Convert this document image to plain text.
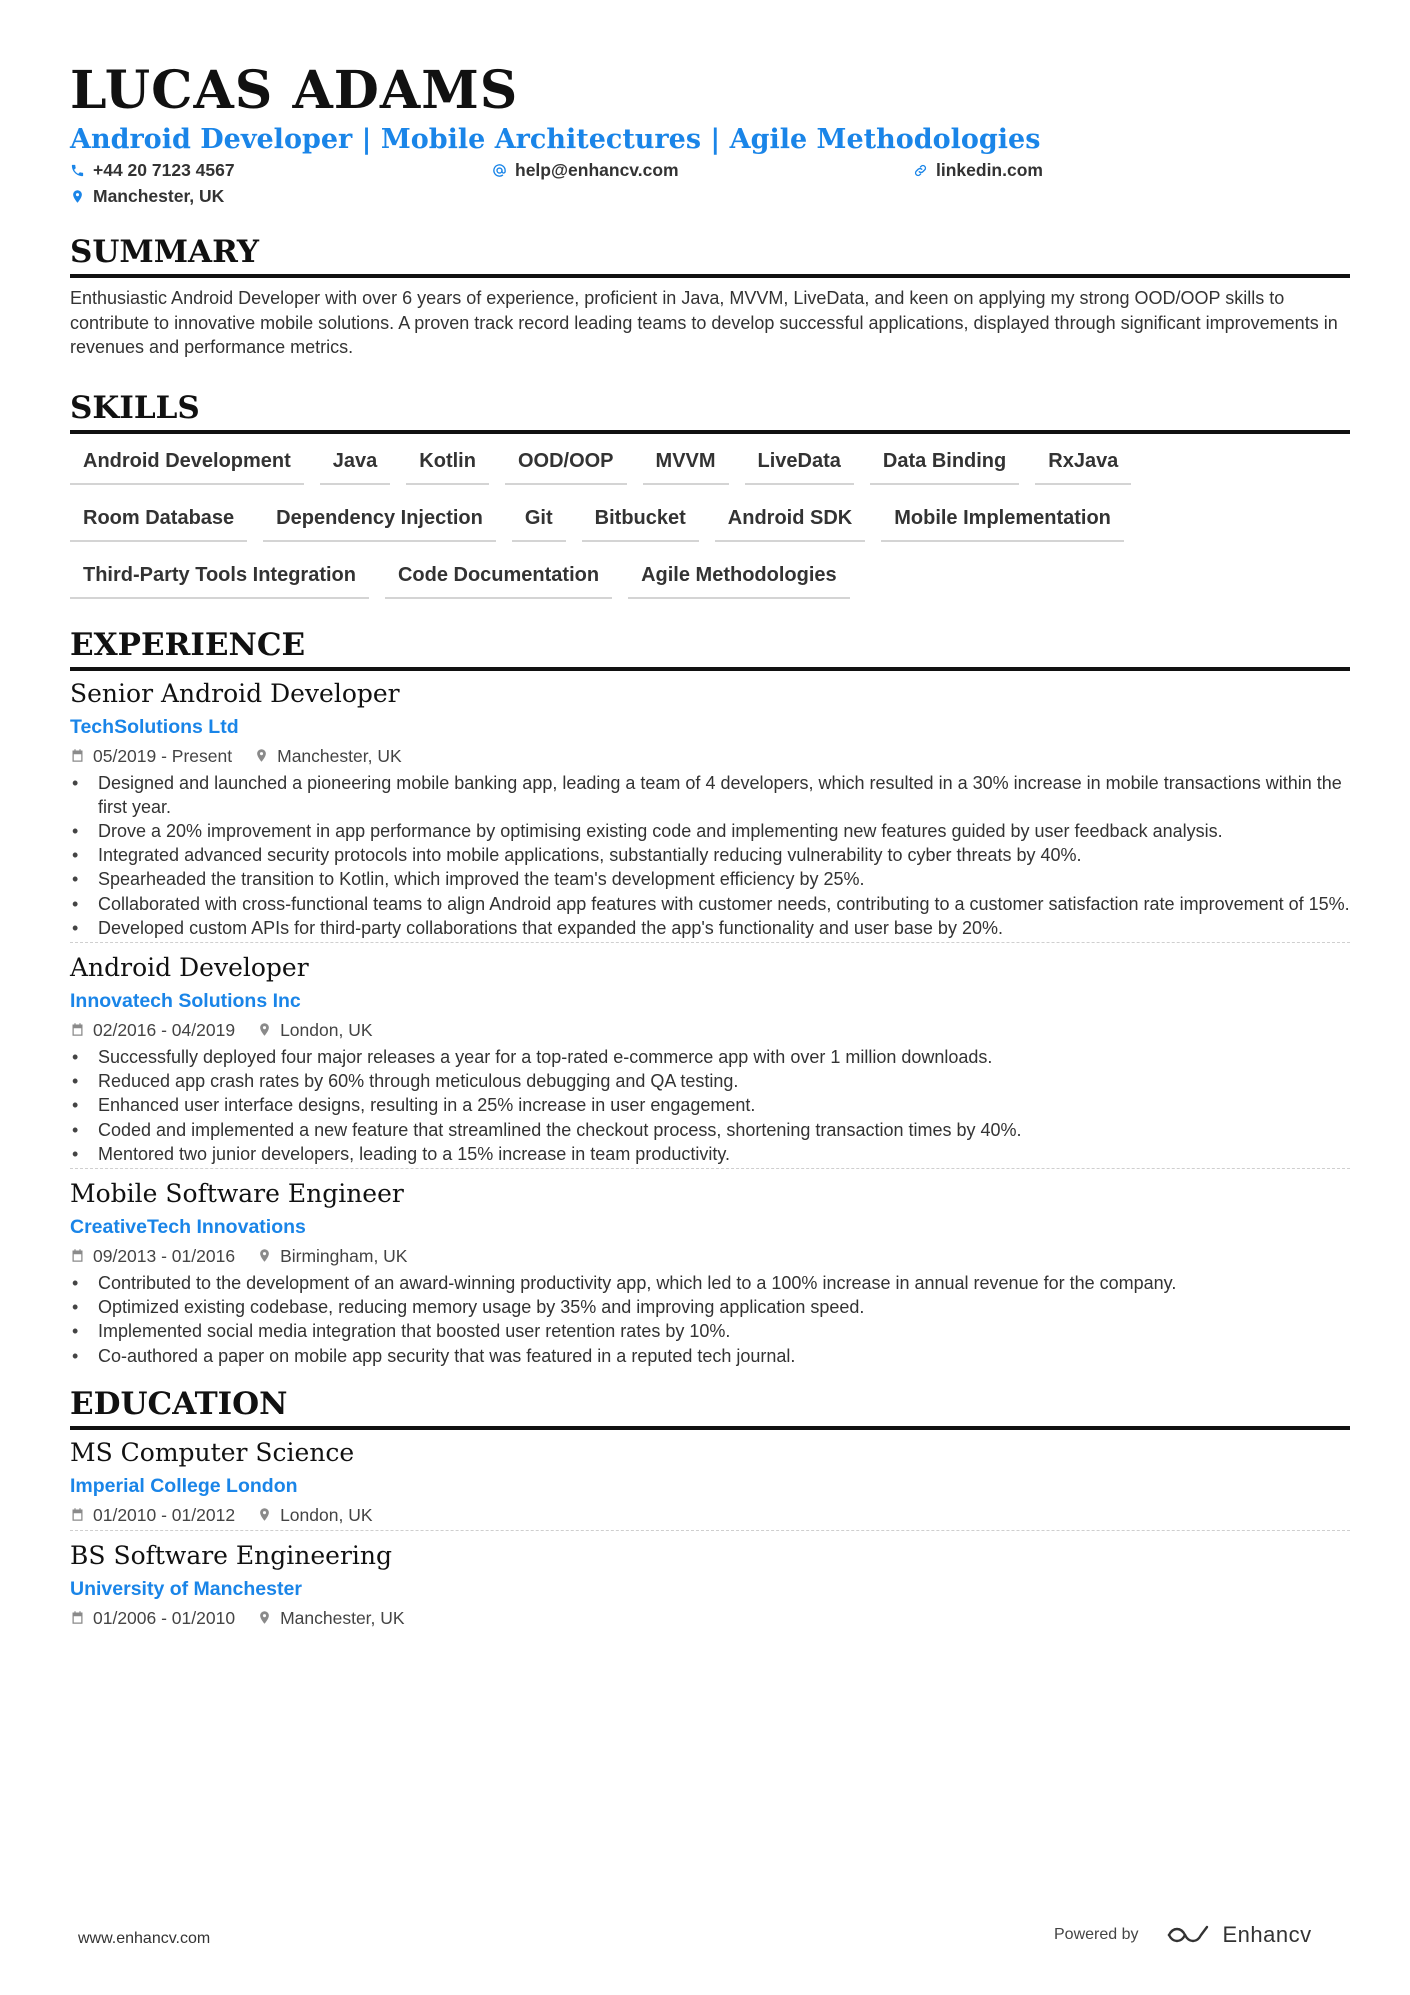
LUCAS ADAMS

Android Developer | Mobile Architectures | Agile Methodologies

+44 20 7123 4567	help@enhancv.com	linkedin.com
Manchester, UK
SUMMARY

Enthusiastic Android Developer with over 6 years of experience, proficient in Java, MVVM, LiveData, and keen on applying my strong OOD/OOP skills to contribute to innovative mobile solutions. A proven track record leading teams to develop successful applications, displayed through significant improvements in revenues and performance metrics.

SKILLS
Android Development	Java	Kotlin	OOD/OOP	MVVM	LiveData	Data Binding	RxJava
Room Database	Dependency Injection	Git	Bitbucket	Android SDK	Mobile Implementation
Third-Party Tools Integration	Code Documentation	Agile Methodologies
EXPERIENCE

Senior Android Developer

TechSolutions Ltd

05/2019 - Present	Manchester, UK
• Designed and launched a pioneering mobile banking app, leading a team of 4 developers, which resulted in a 30% increase in mobile transactions within the first year.
• Drove a 20% improvement in app performance by optimising existing code and implementing new features guided by user feedback analysis.
• Integrated advanced security protocols into mobile applications, substantially reducing vulnerability to cyber threats by 40%.
• Spearheaded the transition to Kotlin, which improved the team's development efficiency by 25%.
• Collaborated with cross-functional teams to align Android app features with customer needs, contributing to a customer satisfaction rate improvement of 15%.
• Developed custom APIs for third-party collaborations that expanded the app's functionality and user base by 20%.

Android Developer

Innovatech Solutions Inc

02/2016 - 04/2019	London, UK
• Successfully deployed four major releases a year for a top-rated e-commerce app with over 1 million downloads.
• Reduced app crash rates by 60% through meticulous debugging and QA testing.
• Enhanced user interface designs, resulting in a 25% increase in user engagement.
• Coded and implemented a new feature that streamlined the checkout process, shortening transaction times by 40%.
• Mentored two junior developers, leading to a 15% increase in team productivity.

Mobile Software Engineer

CreativeTech Innovations

09/2013 - 01/2016	Birmingham, UK
• Contributed to the development of an award-winning productivity app, which led to a 100% increase in annual revenue for the company.
• Optimized existing codebase, reducing memory usage by 35% and improving application speed.
• Implemented social media integration that boosted user retention rates by 10%.
• Co-authored a paper on mobile app security that was featured in a reputed tech journal.
EDUCATION

MS Computer Science

Imperial College London

01/2010 - 01/2012	London, UK

BS Software Engineering

University of Manchester

01/2006 - 01/2010	Manchester, UK
www.enhancv.com	Powered by	Enhancv
